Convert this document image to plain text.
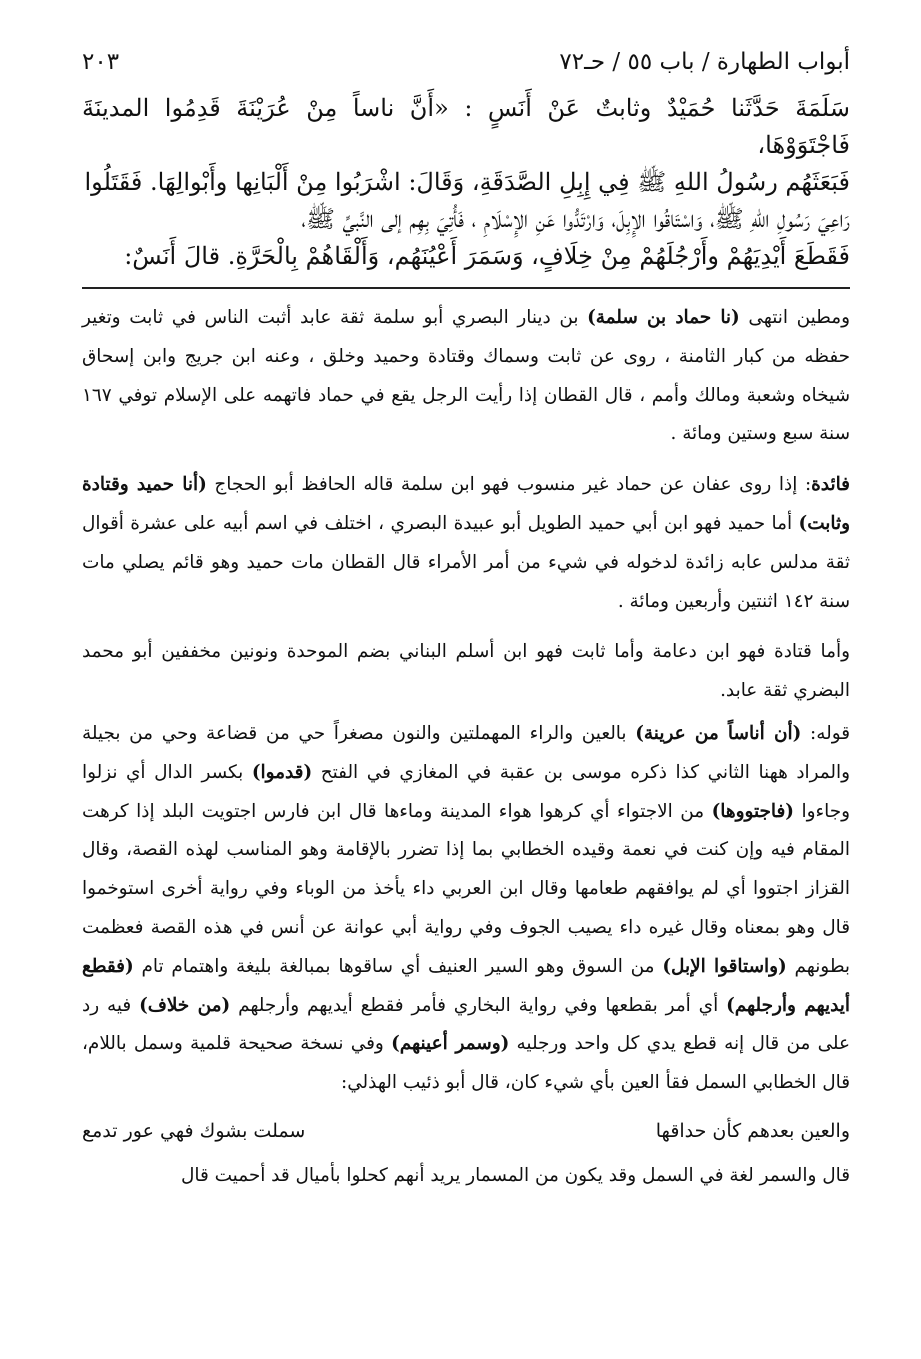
أبواب الطهارة / باب ٥٥ / حـ٧٢
٢٠٣
سَلَمَةَ حَدَّثَنا حُمَيْدٌ وثابتٌ عَنْ أَنَسٍ : «أَنَّ ناساً مِنْ عُرَيْنَةَ قَدِمُوا المدينَةَ فَاجْتَوَوْهَا،
فَبَعَثَهُم رسُولُ اللهِ ﷺ فِي إِبِلِ الصَّدَقَةِ، وَقَالَ: اشْرَبُوا مِنْ أَلْبَانِها وأَبْوالِهَا. فَقَتَلُوا
رَاعِيَ رَسُولِ اللهِ ﷺ، وَاسْتَاقُوا الإِبِلَ، وَارْتَدُّوا عَنِ الإِسْلَامِ ، فَأُتِيَ بِهِم إلى النَّبيِّ ﷺ،
فَقَطَعَ أَيْدِيَهُمْ وأَرْجُلَهُمْ مِنْ خِلَافٍ، وَسَمَرَ أَعْيُنَهُم، وَأَلْقَاهُمْ بِالْحَرَّةِ. قالَ أَنَسٌ:

ومطين انتهى (نا حماد بن سلمة) بن دينار البصري أبو سلمة ثقة عابد أثبت الناس في ثابت وتغير حفظه من كبار الثامنة ، روى عن ثابت وسماك وقتادة وحميد وخلق ، وعنه ابن جريج وابن إسحاق شيخاه وشعبة ومالك وأمم ، قال القطان إذا رأيت الرجل يقع في حماد فاتهمه على الإسلام توفي ١٦٧ سنة سبع وستين ومائة .

فائدة: إذا روى عفان عن حماد غير منسوب فهو ابن سلمة قاله الحافظ أبو الحجاج (أنا حميد وقتادة وثابت) أما حميد فهو ابن أبي حميد الطويل أبو عبيدة البصري ، اختلف في اسم أبيه على عشرة أقوال ثقة مدلس عابه زائدة لدخوله في شيء من أمر الأمراء قال القطان مات حميد وهو قائم يصلي مات سنة ١٤٢ اثنتين وأربعين ومائة .

وأما قتادة فهو ابن دعامة وأما ثابت فهو ابن أسلم البناني بضم الموحدة ونونين مخففين أبو محمد البضري ثقة عابد.

قوله: (أن أناساً من عرينة) بالعين والراء المهملتين والنون مصغراً حي من قضاعة وحي من بجيلة والمراد ههنا الثاني كذا ذكره موسى بن عقبة في المغازي في الفتح (قدموا) بكسر الدال أي نزلوا وجاءوا (فاجتووها) من الاجتواء أي كرهوا هواء المدينة وماءها قال ابن فارس اجتويت البلد إذا كرهت المقام فيه وإن كنت في نعمة وقيده الخطابي بما إذا تضرر بالإقامة وهو المناسب لهذه القصة، وقال القزاز اجتووا أي لم يوافقهم طعامها وقال ابن العربي داء يأخذ من الوباء وفي رواية أخرى استوخموا قال وهو بمعناه وقال غيره داء يصيب الجوف وفي رواية أبي عوانة عن أنس في هذه القصة فعظمت بطونهم (واستاقوا الإبل) من السوق وهو السير العنيف أي ساقوها بمبالغة بليغة واهتمام تام (فقطع أيديهم وأرجلهم) أي أمر بقطعها وفي رواية البخاري فأمر فقطع أيديهم وأرجلهم (من خلاف) فيه رد على من قال إنه قطع يدي كل واحد ورجليه (وسمر أعينهم) وفي نسخة صحيحة قلمية وسمل باللام، قال الخطابي السمل فقأ العين بأي شيء كان، قال أبو ذئيب الهذلي:

والعين بعدهم كأن حداقها
سملت بشوك فهي عور تدمع

قال والسمر لغة في السمل وقد يكون من المسمار يريد أنهم كحلوا بأميال قد أحميت قال
